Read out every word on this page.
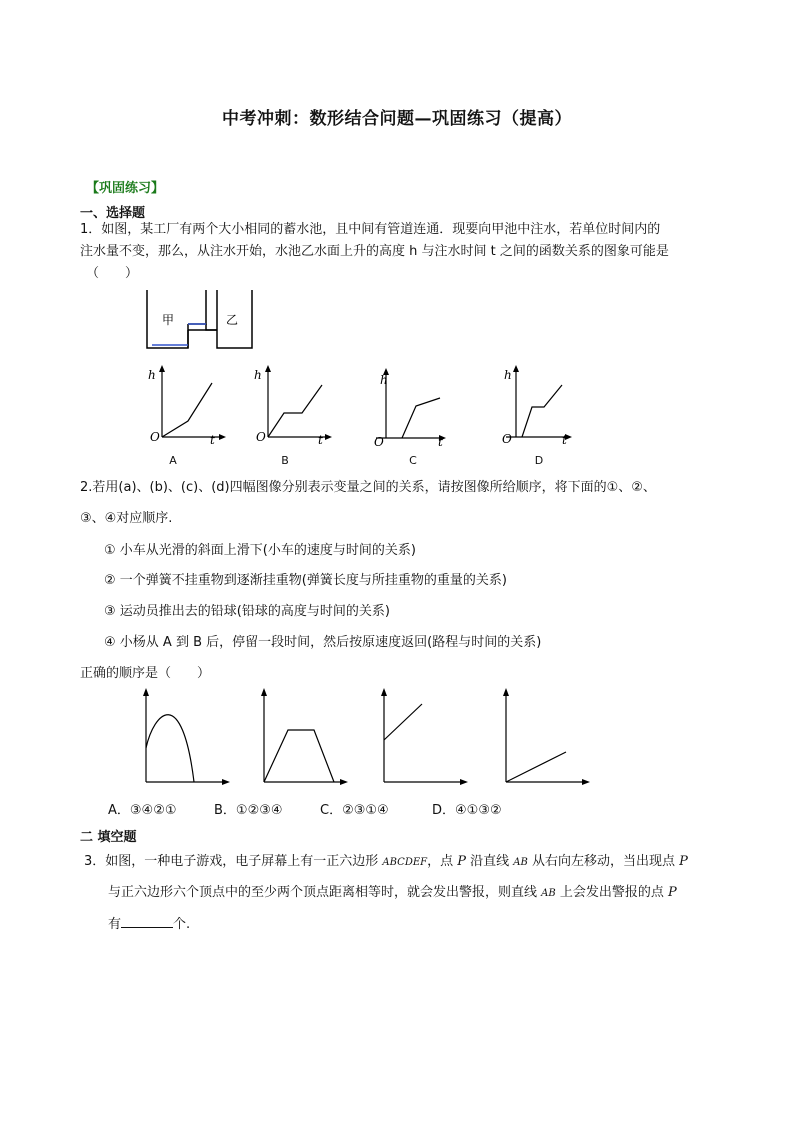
中考冲刺：数形结合问题—巩固练习（提高）
【巩固练习】
一、选择题
1．如图，某工厂有两个大小相同的蓄水池，且中间有管道连通．现要向甲池中注水，若单位时间内的
注水量不变，那么，从注水开始，水池乙水面上升的高度 h 与注水时间 t 之间的函数关系的图象可能是
（　　）
甲	乙
h
O	t
A
h
O	t
B
h
O	t
C
h
O	t
D
2.若用(a)、(b)、(c)、(d)四幅图像分别表示变量之间的关系，请按图像所给顺序，将下面的①、②、
③、④对应顺序.
① 小车从光滑的斜面上滑下(小车的速度与时间的关系)
② 一个弹簧不挂重物到逐渐挂重物(弹簧长度与所挂重物的重量的关系)
③ 运动员推出去的铅球(铅球的高度与时间的关系)
④ 小杨从 A 到 B 后，停留一段时间，然后按原速度返回(路程与时间的关系)
正确的顺序是（　　）
A．③④②①	B．①②③④	C．②③①④	D．④①③②
二 填空题
3．如图，一种电子游戏，电子屏幕上有一正六边形 ABCDEF，点 P 沿直线 AB 从右向左移动，当出现点 P
与正六边形六个顶点中的至少两个顶点距离相等时，就会发出警报，则直线 AB 上会发出警报的点 P
有	个.
